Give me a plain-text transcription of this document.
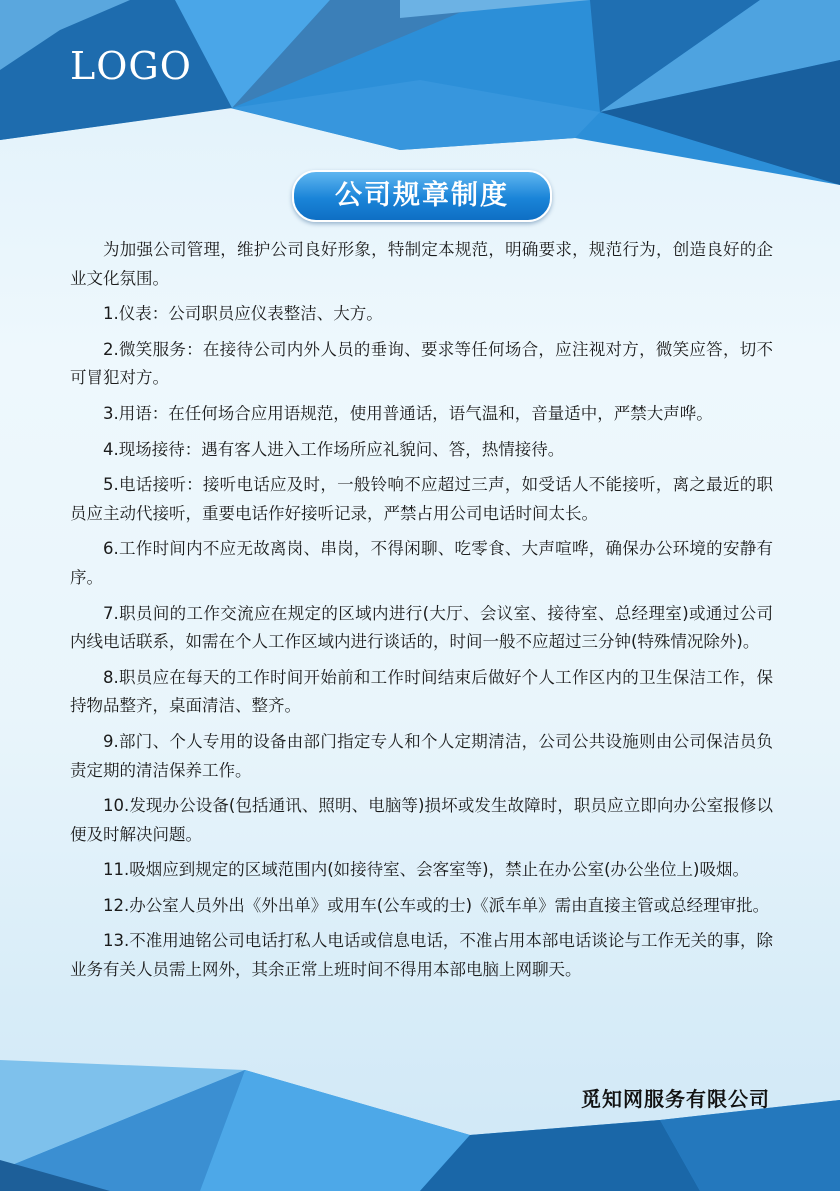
LOGO
公司规章制度

为加强公司管理，维护公司良好形象，特制定本规范，明确要求，规范行为，创造良好的企业文化氛围。

1.仪表：公司职员应仪表整洁、大方。

2.微笑服务：在接待公司内外人员的垂询、要求等任何场合，应注视对方，微笑应答，切不可冒犯对方。

3.用语：在任何场合应用语规范，使用普通话，语气温和，音量适中，严禁大声哗。

4.现场接待：遇有客人进入工作场所应礼貌问、答，热情接待。

5.电话接听：接听电话应及时，一般铃响不应超过三声，如受话人不能接听，离之最近的职员应主动代接听，重要电话作好接听记录，严禁占用公司电话时间太长。

6.工作时间内不应无故离岗、串岗，不得闲聊、吃零食、大声喧哗，确保办公环境的安静有序。

7.职员间的工作交流应在规定的区域内进行(大厅、会议室、接待室、总经理室)或通过公司内线电话联系，如需在个人工作区域内进行谈话的，时间一般不应超过三分钟(特殊情况除外)。

8.职员应在每天的工作时间开始前和工作时间结束后做好个人工作区内的卫生保洁工作，保持物品整齐，桌面清洁、整齐。

9.部门、个人专用的设备由部门指定专人和个人定期清洁，公司公共设施则由公司保洁员负责定期的清洁保养工作。

10.发现办公设备(包括通讯、照明、电脑等)损坏或发生故障时，职员应立即向办公室报修以便及时解决问题。

11.吸烟应到规定的区域范围内(如接待室、会客室等)，禁止在办公室(办公坐位上)吸烟。

12.办公室人员外出《外出单》或用车(公车或的士)《派车单》需由直接主管或总经理审批。

13.不准用迪铭公司电话打私人电话或信息电话，不准占用本部电话谈论与工作无关的事，除业务有关人员需上网外，其余正常上班时间不得用本部电脑上网聊天。

觅知网服务有限公司
